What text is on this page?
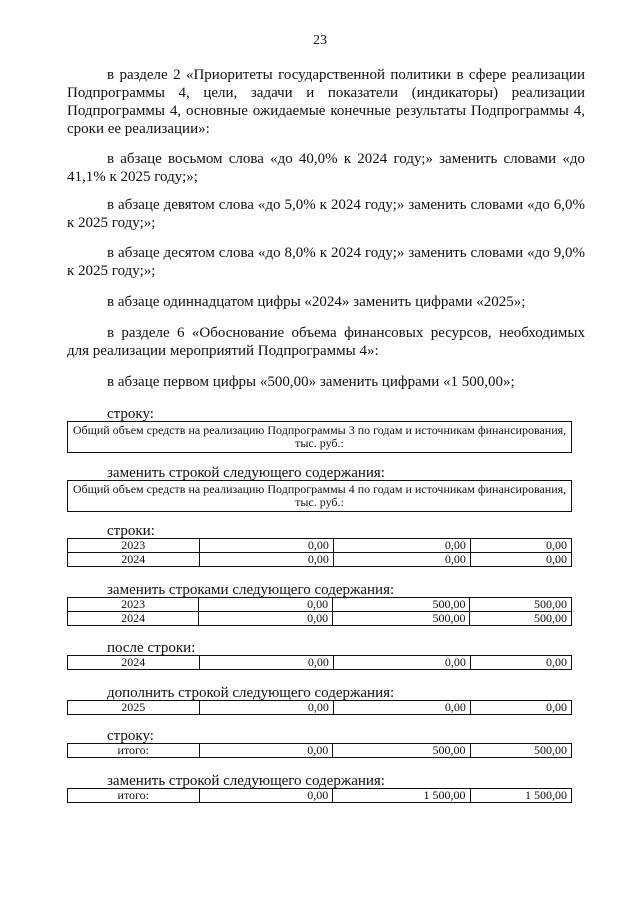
23

в разделе 2 «Приоритеты государственной политики в сфере реализации Подпрограммы 4, цели, задачи и показатели (индикаторы) реализации Подпрограммы 4, основные ожидаемые конечные результаты Подпрограммы 4, сроки ее реализации»:

в абзаце восьмом слова «до 40,0% к 2024 году;» заменить словами «до 41,1% к 2025 году;»;

в абзаце девятом слова «до 5,0% к 2024 году;» заменить словами «до 6,0% к 2025 году;»;

в абзаце десятом слова «до 8,0% к 2024 году;» заменить словами «до 9,0% к 2025 году;»;

в абзаце одиннадцатом цифры «2024» заменить цифрами «2025»;

в разделе 6 «Обоснование объема финансовых ресурсов, необходимых для реализации мероприятий Подпрограммы 4»:

в абзаце первом цифры «500,00» заменить цифрами «1 500,00»;

строку:
Общий объем средств на реализацию Подпрограммы 3 по годам и источникам финансирования, тыс. руб.:
заменить строкой следующего содержания:
Общий объем средств на реализацию Подпрограммы 4 по годам и источникам финансирования, тыс. руб.:
строки:
2023	0,00	0,00	0,00
2024	0,00	0,00	0,00
заменить строками следующего содержания:
2023	0,00	500,00	500,00
2024	0,00	500,00	500,00
после строки:
2024	0,00	0,00	0,00
дополнить строкой следующего содержания:
2025	0,00	0,00	0,00
строку:
итого:	0,00	500,00	500,00
заменить строкой следующего содержания:
итого:	0,00	1 500,00	1 500,00
